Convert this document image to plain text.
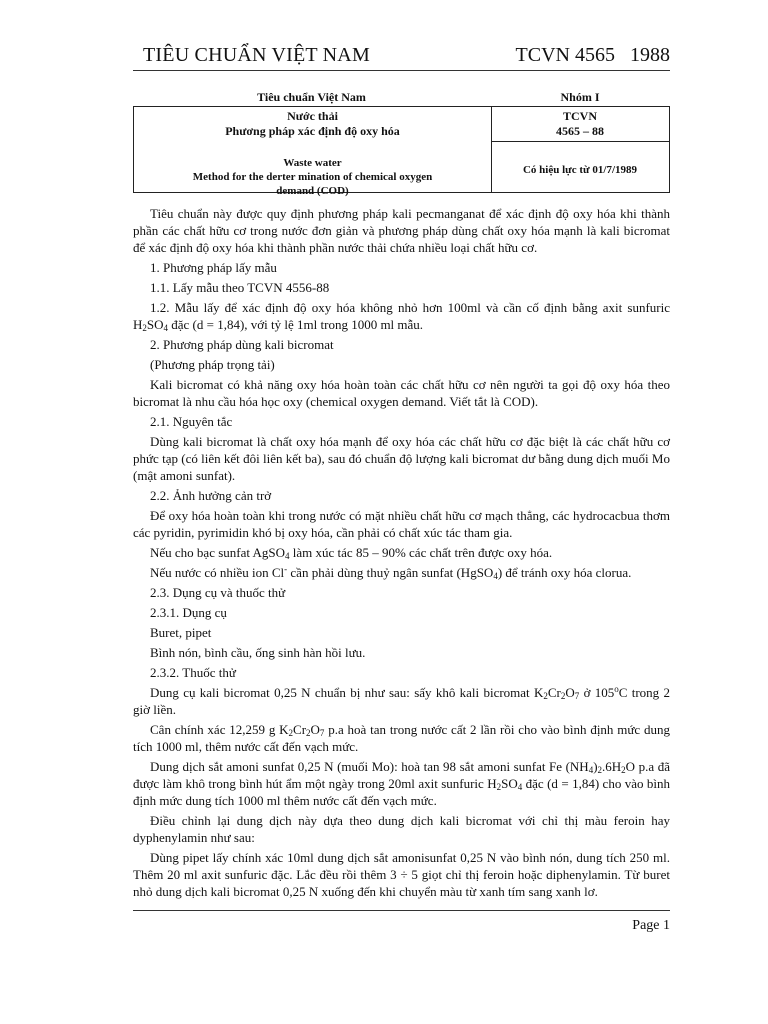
TIÊU CHUẨN VIỆT NAM	TCVN 4565   1988
Tiêu chuẩn Việt Nam	Nhóm I
Nước thải
Phương pháp xác định độ oxy hóa
Waste water
Method for the derter mination of chemical oxygen
demand (COD)
TCVN
4565 – 88
Có hiệu lực từ 01/7/1989

Tiêu chuẩn này được quy định phương pháp kali pecmanganat để xác định độ oxy hóa khi thành phần các chất hữu cơ trong nước đơn giản và phương pháp dùng chất oxy hóa mạnh là kali bicromat để xác định độ oxy hóa khi thành phần nước thải chứa nhiều loại chất hữu cơ.

1. Phương pháp lấy mẫu

1.1. Lấy mẫu theo TCVN 4556-88

1.2. Mẫu lấy để xác định độ oxy hóa không nhỏ hơn 100ml và cần cố định bằng axit sunfuric $H_2SO_4$ đặc (d = 1,84), với tỷ lệ 1ml trong 1000 ml mẫu.

2. Phương pháp dùng kali bicromat

(Phương pháp trọng tải)

Kali bicromat có khả năng oxy hóa hoàn toàn các chất hữu cơ nên người ta gọi độ oxy hóa theo bicromat là nhu cầu hóa học oxy (chemical oxygen demand. Viết tắt là COD).

2.1. Nguyên tắc

Dùng kali bicromat là chất oxy hóa mạnh để oxy hóa các chất hữu cơ đặc biệt là các chất hữu cơ phức tạp (có liên kết đôi liên kết ba), sau đó chuẩn độ lượng kali bicromat dư bằng dung dịch muối Mo (mật amoni sunfat).

2.2. Ảnh hưởng cản trở

Để oxy hóa hoàn toàn khi trong nước có mặt nhiều chất hữu cơ mạch thẳng, các hydrocacbua thơm các pyridin, pyrimidin khó bị oxy hóa, cần phải có chất xúc tác tham gia.

Nếu cho bạc sunfat AgSO$_4$ làm xúc tác 85 – 90% các chất trên được oxy hóa.

Nếu nước có nhiều ion Cl- cần phải dùng thuỷ ngân sunfat (HgSO$_4$) để tránh oxy hóa clorua.

2.3. Dụng cụ và thuốc thử

2.3.1. Dụng cụ

Buret, pipet

Bình nón, bình cầu, ống sinh hàn hồi lưu.

2.3.2. Thuốc thử

Dung cụ kali bicromat 0,25 N chuẩn bị như sau: sấy khô kali bicromat $K_2Cr_2O_7$ ở 105$^o$C trong 2 giờ liền.

Cân chính xác 12,259 g $K_2Cr_2O_7$ p.a hoà tan trong nước cất 2 lần rồi cho vào bình định mức dung tích 1000 ml, thêm nước cất đến vạch mức.

Dung dịch sắt amoni sunfat 0,25 N (muối Mo): hoà tan 98 sắt amoni sunfat Fe $(NH_4)_2.6H_2O$ p.a đã được làm khô trong bình hút ẩm một ngày trong 20ml axit sunfuric $H_2SO_4$ đặc (d = 1,84) cho vào bình định mức dung tích 1000 ml thêm nước cất đến vạch mức.

Điều chỉnh lại dung dịch này dựa theo dung dịch kali bicromat với chỉ thị màu feroin hay dyphenylamin như sau:

Dùng pipet lấy chính xác 10ml dung dịch sắt amonisunfat 0,25 N vào bình nón, dung tích 250 ml. Thêm 20 ml axit sunfuric đặc. Lắc đều rồi thêm 3 ÷ 5 giọt chỉ thị feroin hoặc diphenylamin. Từ buret nhỏ dung dịch kali bicromat 0,25 N xuống đến khi chuyển màu từ xanh tím sang xanh lơ.

Page 1
